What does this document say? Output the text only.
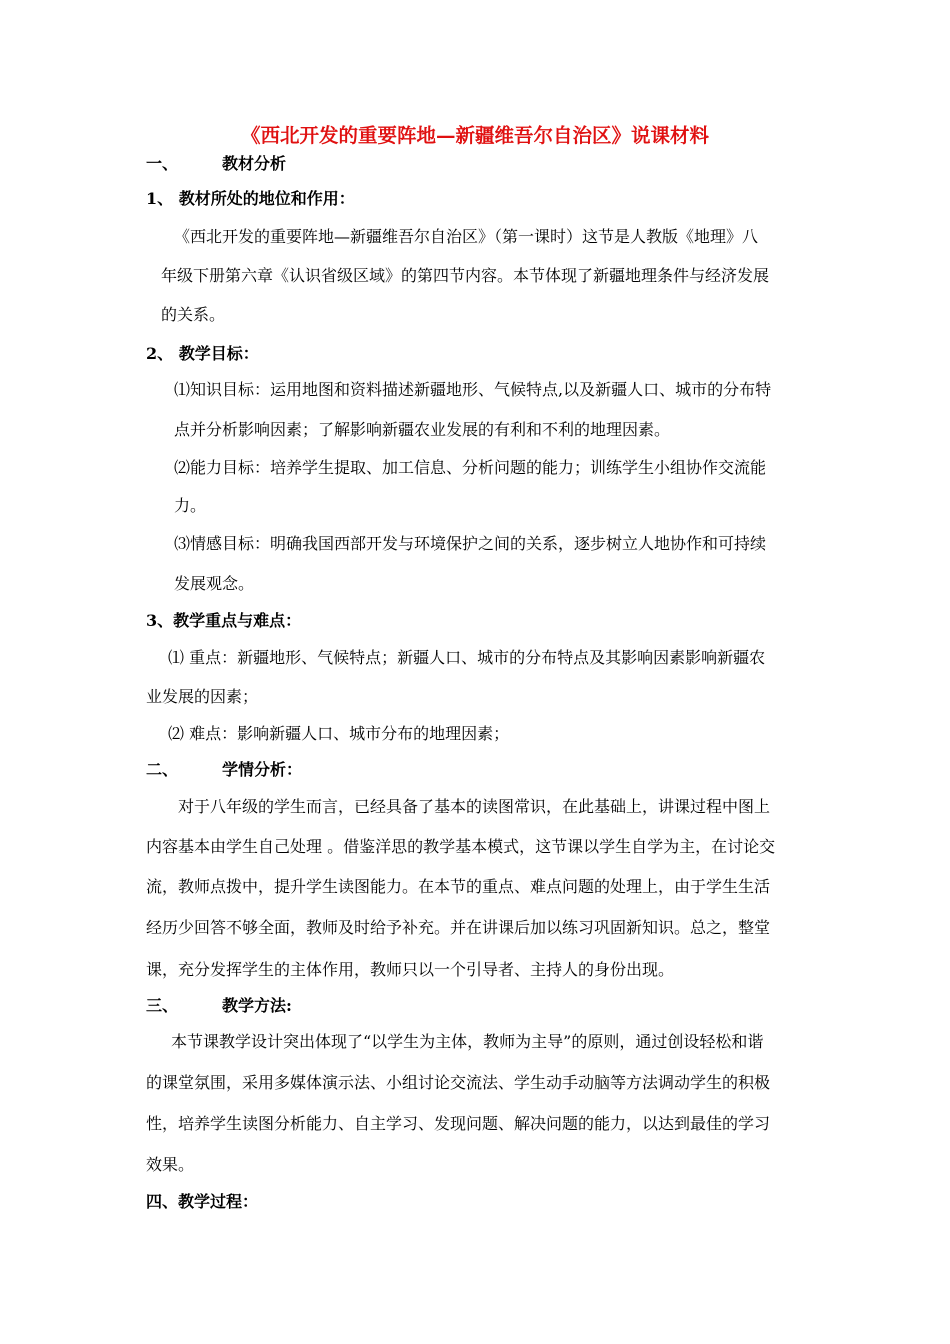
《西北开发的重要阵地—新疆维吾尔自治区》说课材料
一、	教材分析
1、 教材所处的地位和作用：
《西北开发的重要阵地—新疆维吾尔自治区》（第一课时）这节是人教版《地理》八
年级下册第六章《认识省级区域》的第四节内容。本节体现了新疆地理条件与经济发展
的关系。
2、 教学目标：
⑴知识目标：运用地图和资料描述新疆地形、气候特点,以及新疆人口、城市的分布特
点并分析影响因素；了解影响新疆农业发展的有利和不利的地理因素。
⑵能力目标：培养学生提取、加工信息、分析问题的能力；训练学生小组协作交流能
力。
⑶情感目标：明确我国西部开发与环境保护之间的关系，逐步树立人地协作和可持续
发展观念。
3、教学重点与难点：
⑴ 重点：新疆地形、气候特点；新疆人口、城市的分布特点及其影响因素影响新疆农
业发展的因素；
⑵ 难点：影响新疆人口、城市分布的地理因素；
二、	学情分析：
对于八年级的学生而言，已经具备了基本的读图常识，在此基础上，讲课过程中图上
内容基本由学生自己处理 。借鉴洋思的教学基本模式，这节课以学生自学为主，在讨论交
流，教师点拨中，提升学生读图能力。在本节的重点、难点问题的处理上，由于学生生活
经历少回答不够全面，教师及时给予补充。并在讲课后加以练习巩固新知识。总之，整堂
课，充分发挥学生的主体作用，教师只以一个引导者、主持人的身份出现。
三、	教学方法:
本节课教学设计突出体现了“以学生为主体，教师为主导”的原则，通过创设轻松和谐
的课堂氛围，采用多媒体演示法、小组讨论交流法、学生动手动脑等方法调动学生的积极
性，培养学生读图分析能力、自主学习、发现问题、解决问题的能力，以达到最佳的学习
效果。
四、教学过程：
